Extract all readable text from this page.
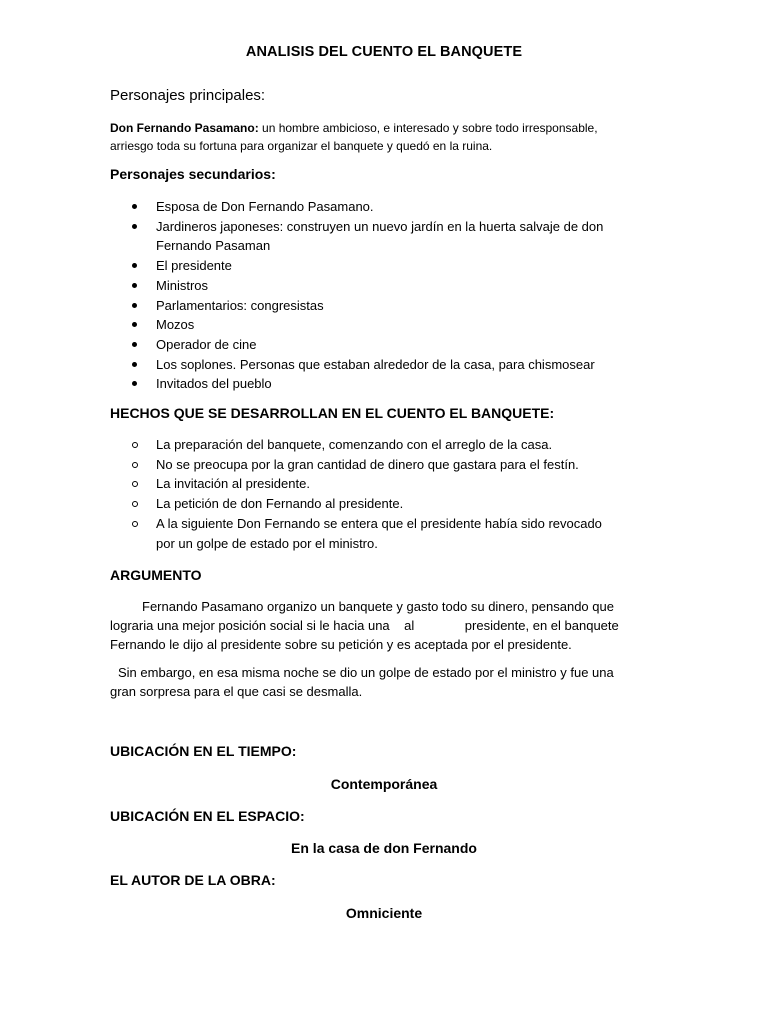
ANALISIS DEL CUENTO EL BANQUETE
Personajes principales:
Don Fernando Pasamano: un hombre ambicioso, e interesado y sobre todo irresponsable,
arriesgo toda su fortuna para organizar el banquete y quedó en la ruina.
Personajes secundarios:
Esposa de Don Fernando Pasamano.
Jardineros japoneses: construyen un nuevo jardín en la huerta salvaje de don
Fernando Pasaman
El presidente
Ministros
Parlamentarios: congresistas
Mozos
Operador de cine
Los soplones. Personas que estaban alrededor de la casa, para chismosear
Invitados del pueblo
HECHOS QUE SE DESARROLLAN EN EL CUENTO EL BANQUETE:
La preparación del banquete, comenzando con el arreglo de la casa.
No se preocupa por la gran cantidad de dinero que gastara para el festín.
La invitación al presidente.
La petición de don Fernando al presidente.
A la siguiente Don Fernando se entera que el presidente había sido revocado
por un golpe de estado por el ministro.
ARGUMENTO
Fernando Pasamano organizo un banquete y gasto todo su dinero, pensando que
lograria una mejor posición social si le hacia una    al              presidente, en el banquete
Fernando le dijo al presidente sobre su petición y es aceptada por el presidente.
Sin embargo, en esa misma noche se dio un golpe de estado por el ministro y fue una
gran sorpresa para el que casi se desmalla.
UBICACIÓN EN EL TIEMPO:
Contemporánea
UBICACIÓN EN EL ESPACIO:
En la casa de don Fernando
EL AUTOR DE LA OBRA:
Omniciente
